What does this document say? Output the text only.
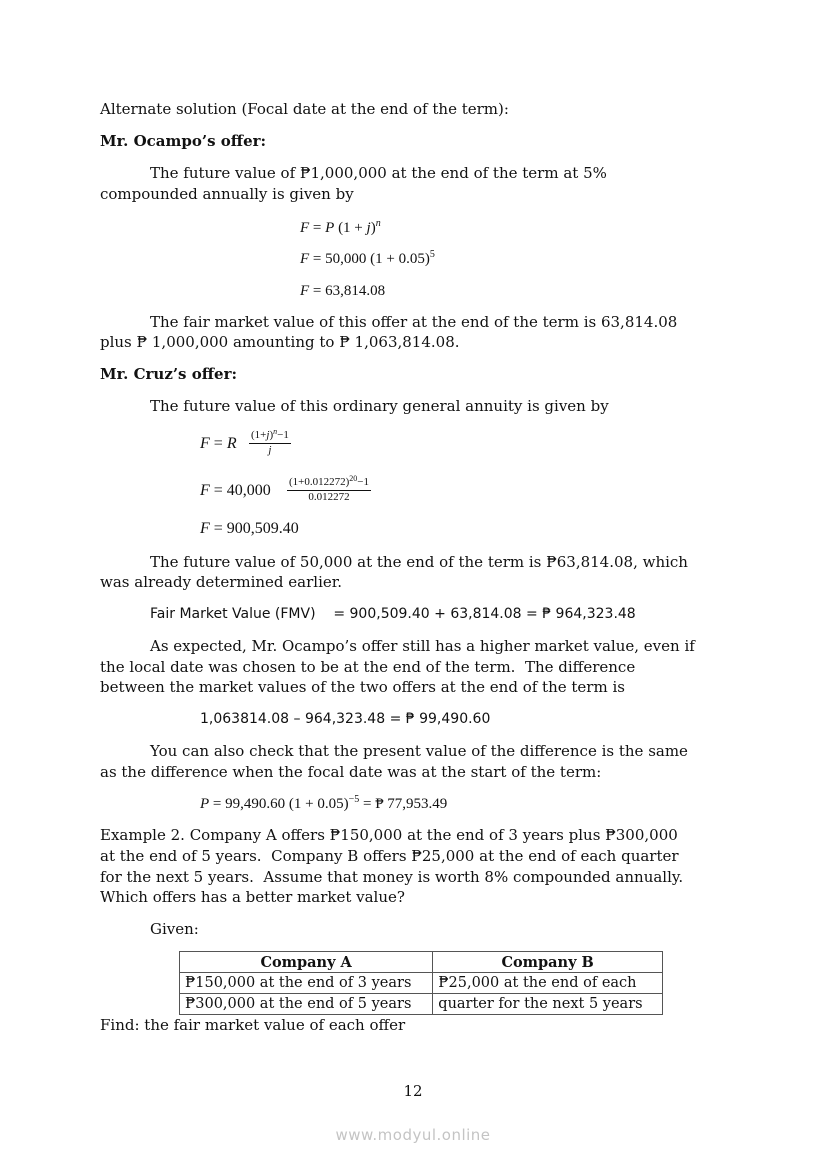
Alternate solution (Focal date at the end of the term):
Mr. Ocampo’s offer:
The future value of ₱1,000,000 at the end of the term at 5%
compounded annually is given by
F = P $(1 + j)^n$
F = 50,000 $(1 + 0.05)^5$
F = 63,814.08
The fair market value of this offer at the end of the term is 63,814.08
plus ₱ 1,000,000 amounting to ₱ 1,063,814.08.
Mr. Cruz’s offer:
The future value of this ordinary general annuity is given by
F = R $\frac{(1+j)^n-1}{j}$
$F = 40,000 \frac{(1+0.012272)^{20}-1}{0.012272}$
F = 900,509.40
The future value of 50,000 at the end of the term is ₱63,814.08, which
was already determined earlier.
Fair Market Value (FMV)    = 900,509.40 + 63,814.08 = ₱ 964,323.48
As expected, Mr. Ocampo’s offer still has a higher market value, even if
the local date was chosen to be at the end of the term.  The difference
between the market values of the two offers at the end of the term is
1,063814.08 – 964,323.48 = ₱ 99,490.60
You can also check that the present value of the difference is the same
as the difference when the focal date was at the start of the term:
P = 99,490.60 $(1 + 0.05)^{-5}$ = ₱ 77,953.49
Example 2. Company A offers ₱150,000 at the end of 3 years plus ₱300,000
at the end of 5 years.  Company B offers ₱25,000 at the end of each quarter
for the next 5 years.  Assume that money is worth 8% compounded annually.
Which offers has a better market value?
Given:
Company A	Company B
₱150,000 at the end of 3 years	₱25,000 at the end of each
₱300,000 at the end of 5 years	quarter for the next 5 years
Find: the fair market value of each offer
12
www.modyul.online
